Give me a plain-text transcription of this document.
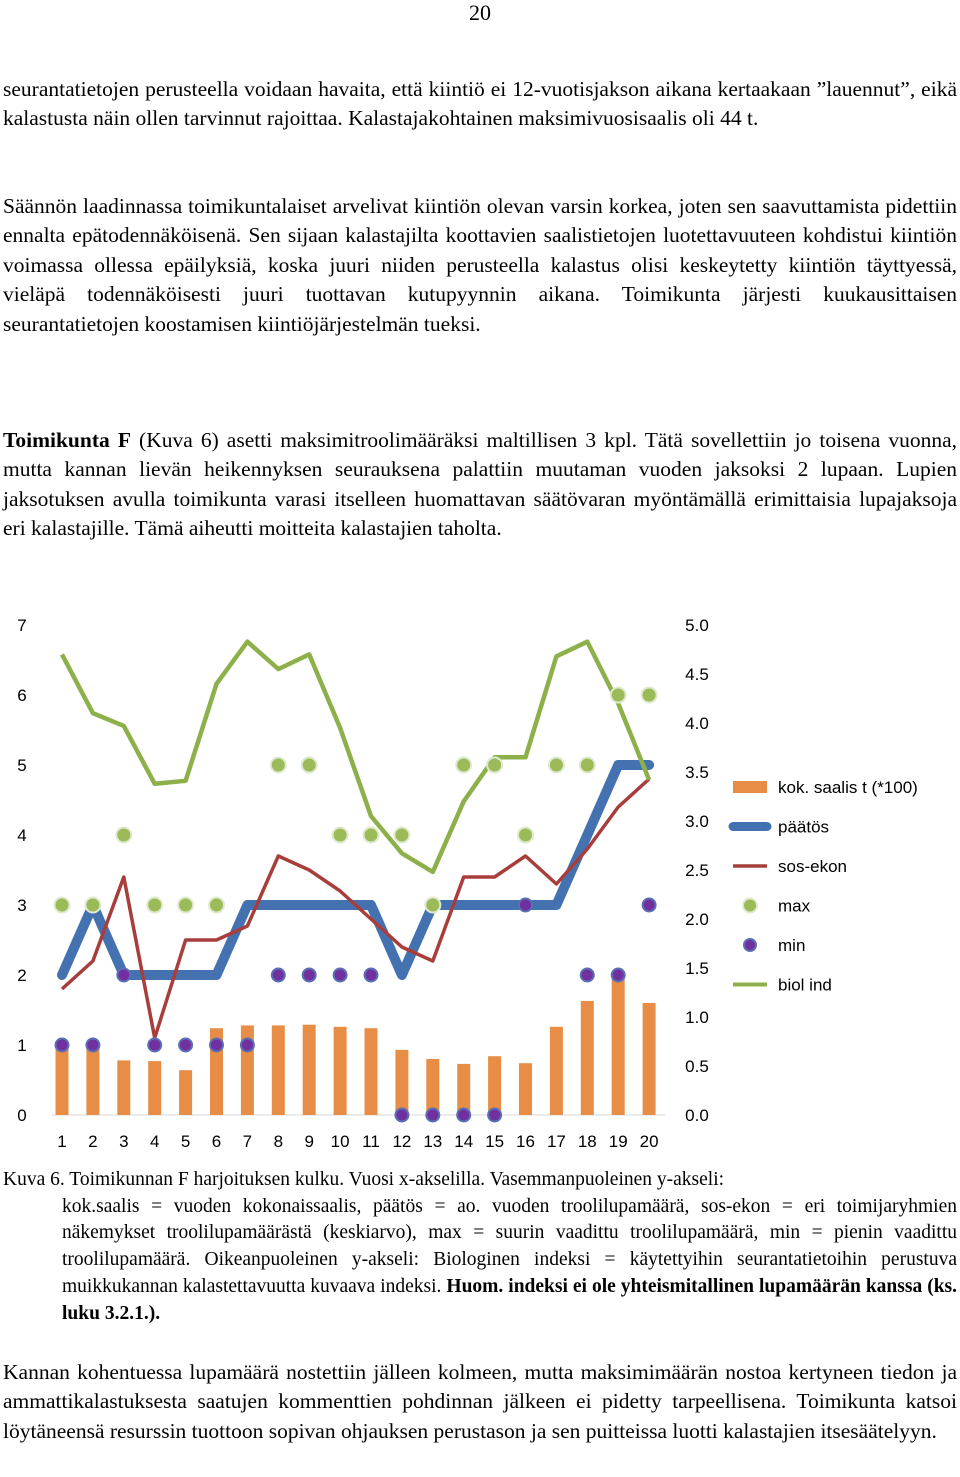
20

seurantatietojen perusteella voidaan havaita, että kiintiö ei 12-vuotisjakson aikana kertaakaan ”lauennut”, eikä kalastusta näin ollen tarvinnut rajoittaa. Kalastajakohtainen maksimivuosisaalis oli 44 t.

Säännön laadinnassa toimikuntalaiset arvelivat kiintiön olevan varsin korkea, joten sen saavuttamista pidettiin ennalta epätodennäköisenä. Sen sijaan kalastajilta koottavien saalistietojen luotettavuuteen kohdistui kiintiön voimassa ollessa epäilyksiä, koska juuri niiden perusteella kalastus olisi keskeytetty kiintiön täyttyessä, vieläpä todennäköisesti juuri tuottavan kutupyynnin aikana. Toimikunta järjesti kuukausittaisen seurantatietojen koostamisen kiintiöjärjestelmän tueksi.

Toimikunta F (Kuva 6) asetti maksimitroolimääräksi maltillisen 3 kpl. Tätä sovellettiin jo toisena vuonna, mutta kannan lievän heikennyksen seurauksena palattiin muutaman vuoden jaksoksi 2 lupaan. Lupien jaksotuksen avulla toimikunta varasi itselleen huomattavan säätövaran myöntämällä erimittaisia lupajaksoja eri kalastajille. Tämä aiheutti moitteita kalastajien taholta.

0
1
2
3
4
5
6
7
0.0
0.5
1.0
1.5
2.0
2.5
3.0
3.5
4.0
4.5
5.0
1 2 3 4 5 6 7 8 9 10 11 12 13 14 15 16 17 18 19 20
kok. saalis t (*100)
päätös
sos-ekon
max
min
biol ind

Kuva 6. Toimikunnan F harjoituksen kulku. Vuosi x-akselilla. Vasemmanpuoleinen y-akseli:
kok.saalis = vuoden kokonaissaalis, päätös = ao. vuoden troolilupamäärä, sos-ekon = eri toimijaryhmien näkemykset troolilupamäärästä (keskiarvo), max = suurin vaadittu troolilupamäärä, min = pienin vaadittu troolilupamäärä. Oikeanpuoleinen y-akseli: Biologinen indeksi = käytettyihin seurantatietoihin perustuva muikkukannan kalastettavuutta kuvaava indeksi. Huom. indeksi ei ole yhteismitallinen lupamäärän kanssa (ks. luku 3.2.1.).

Kannan kohentuessa lupamäärä nostettiin jälleen kolmeen, mutta maksimimäärän nostoa kertyneen tiedon ja ammattikalastuksesta saatujen kommenttien pohdinnan jälkeen ei pidetty tarpeellisena. Toimikunta katsoi löytäneensä resurssin tuottoon sopivan ohjauksen perustason ja sen puitteissa luotti kalastajien itsesäätelyyn.
